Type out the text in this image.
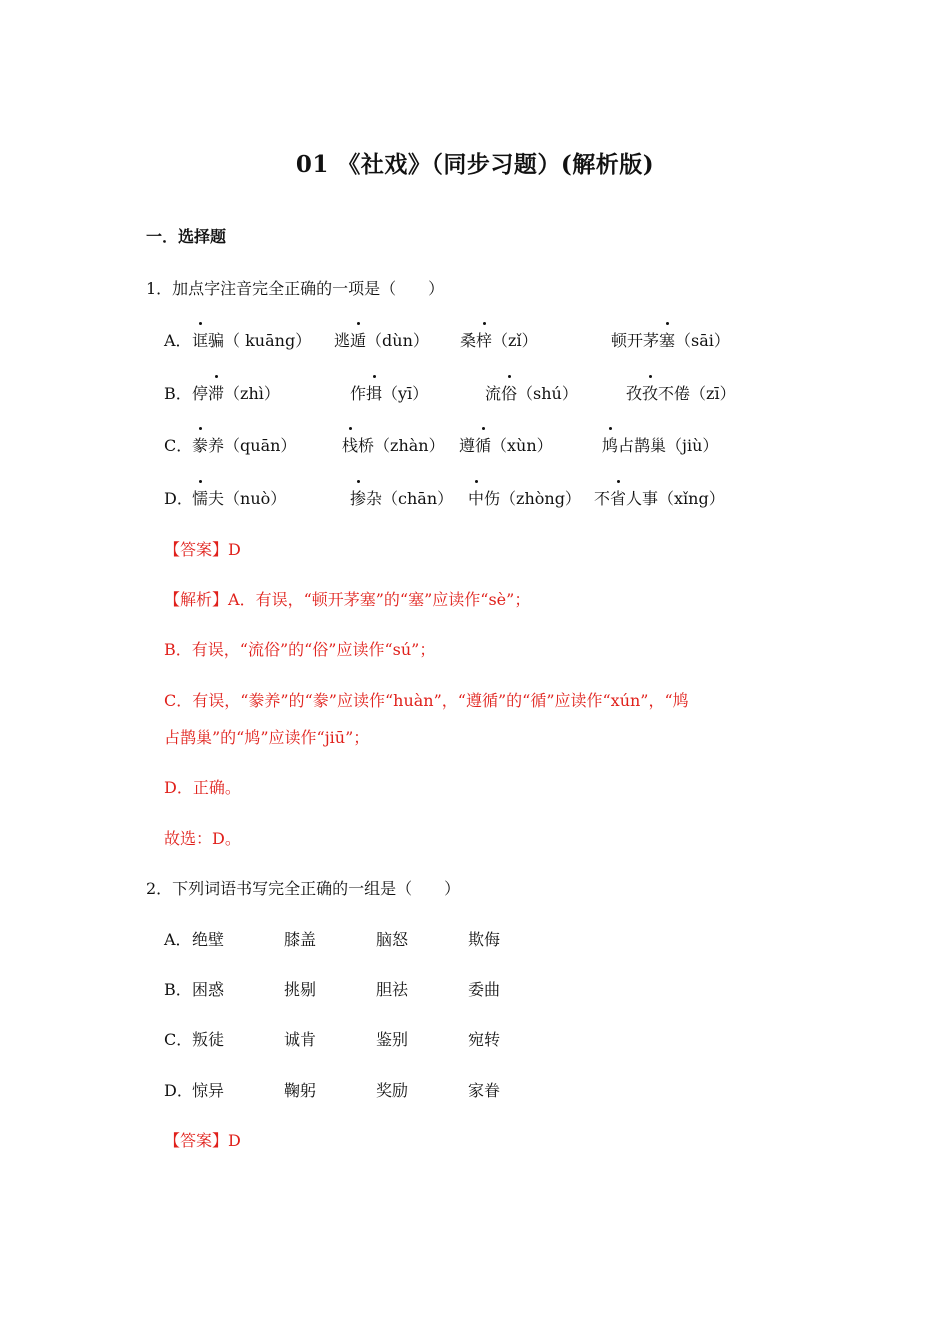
01 《社戏》（同步习题）(解析版)
一．选择题
1．加点字注音完全正确的一项是（　　）
A． 诓骗（ kuāng） 逃遁（dùn） 桑梓（zǐ）	顿开茅塞（sāi）
B． 停滞（zhì）	作揖（yī）	流俗（shú）	孜孜不倦（zī）
C． 豢养（quān）	栈桥（zhàn） 遵循（xùn）	鸠占鹊巢（jiù）
D． 懦夫（nuò）	掺杂（chān） 中伤（zhòng） 不省人事（xǐng）
【答案】D
【解析】A．有误，“顿开茅塞”的“塞”应读作“sè”；
B．有误，“流俗”的“俗”应读作“sú”；
C．有误，“豢养”的“豢”应读作“huàn”，“遵循”的“循”应读作“xún”，“鸠
占鹊巢”的“鸠”应读作“jiū”；
D．正确。
故选：D。
2．下列词语书写完全正确的一组是（　　）
A． 绝壁	膝盖	脑怒	欺侮
B． 困惑	挑剔	胆祛	委曲
C． 叛徒	诚肯	鉴别	宛转
D． 惊异	鞠躬	奖励	家眷
【答案】D
